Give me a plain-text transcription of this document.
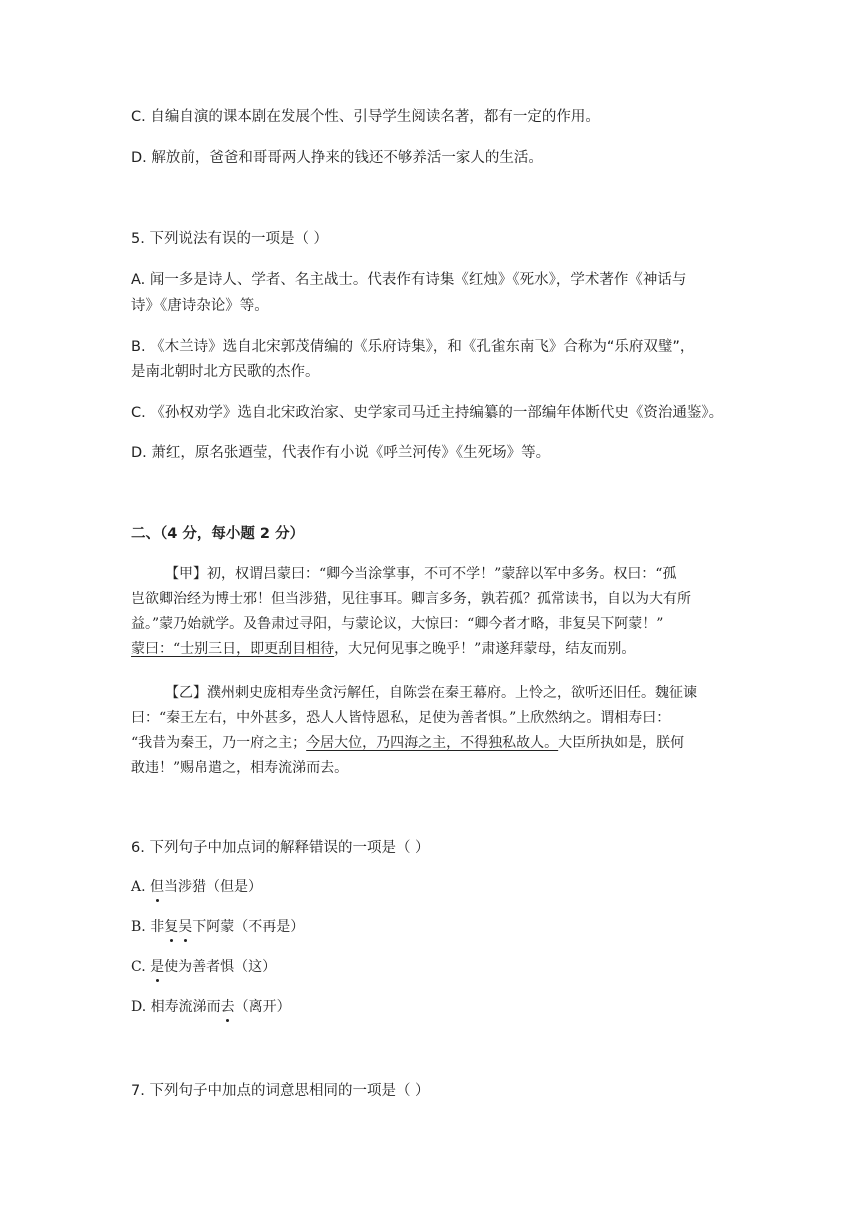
C. 自编自演的课本剧在发展个性、引导学生阅读名著，都有一定的作用。
D. 解放前，爸爸和哥哥两人挣来的钱还不够养活一家人的生活。
5. 下列说法有误的一项是（ ）
A. 闻一多是诗人、学者、名主战士。代表作有诗集《红烛》《死水》，学术著作《神话与
诗》《唐诗杂论》等。
B. 《木兰诗》选自北宋郭茂倩编的《乐府诗集》，和《孔雀东南飞》合称为“乐府双璧”，
是南北朝时北方民歌的杰作。
C. 《孙权劝学》选自北宋政治家、史学家司马迁主持编纂的一部编年体断代史《资治通鉴》。
D. 萧红，原名张逎莹，代表作有小说《呼兰河传》《生死场》等。
二、（4 分，每小题 2 分）
【甲】初，权谓吕蒙曰：“卿今当涂掌事，不可不学！”蒙辞以军中多务。权曰：“孤
岂欲卿治经为博士邪！但当涉猎，见往事耳。卿言多务，孰若孤？孤常读书，自以为大有所
益。”蒙乃始就学。及鲁肃过寻阳，与蒙论议，大惊曰：“卿今者才略，非复吴下阿蒙！”
蒙曰：“士别三日，即更刮目相待，大兄何见事之晚乎！”肃遂拜蒙母，结友而别。
【乙】濮州刺史庞相寿坐贪污解任，自陈尝在秦王幕府。上怜之，欲听还旧任。魏征谏
曰：“秦王左右，中外甚多，恐人人皆恃恩私，足使为善者惧。”上欣然纳之。谓相寿曰：
“我昔为秦王，乃一府之主；今居大位，乃四海之主，不得独私故人。大臣所执如是，朕何
敢违！”赐帛遣之，相寿流涕而去。
6. 下列句子中加点词的解释错误的一项是（ ）
A. 但当涉猎（但是）
B. 非复吴下阿蒙（不再是）
C. 是使为善者惧（这）
D. 相寿流涕而去（离开）
7. 下列句子中加点的词意思相同的一项是（ ）
